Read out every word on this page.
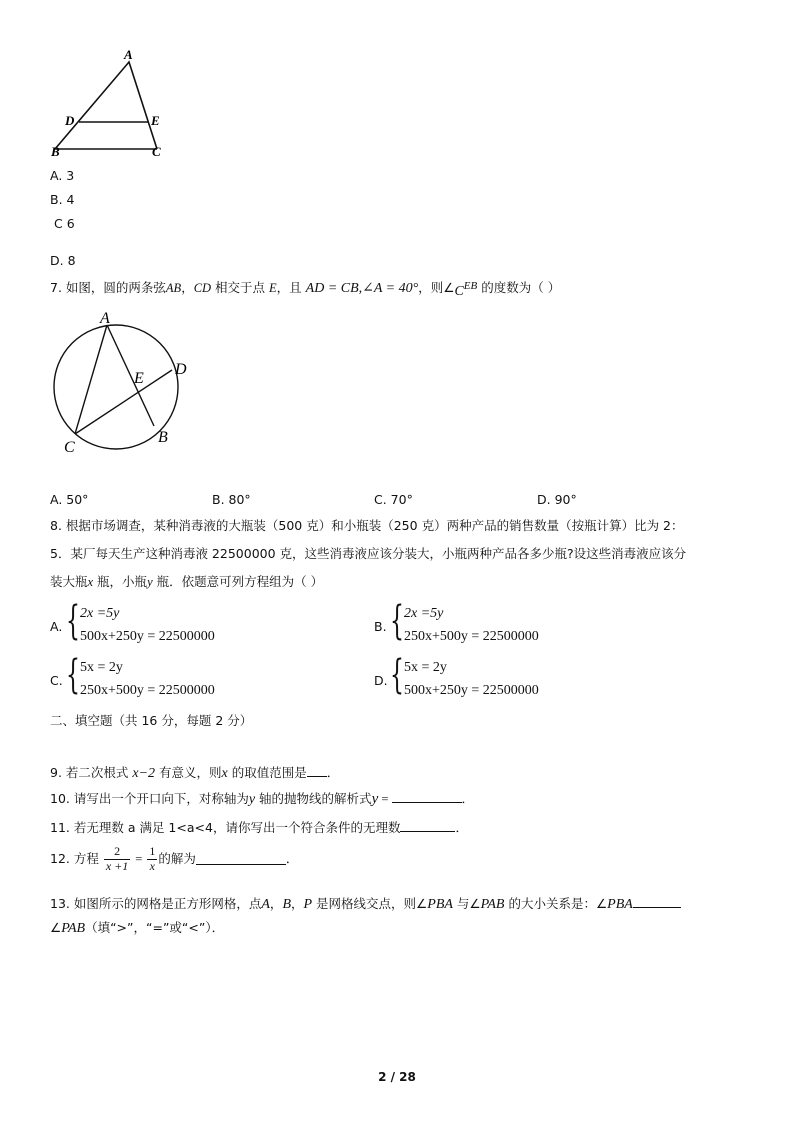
A
D	E
B	C
A. 3
B. 4
C 6
D. 8
7. 如图，圆的两条弦AB，CD 相交于点 E，且 AD = CB,∠A = 40°，则∠CEB 的度数为（ ）
A
E
D
C
B
A. 50°	B. 80°	C. 70°	D. 90°
8. 根据市场调查，某种消毒液的大瓶装（500 克）和小瓶装（250 克）两种产品的销售数量（按瓶计算）比为 2：
5．某厂每天生产这种消毒液 22500000 克，这些消毒液应该分装大，小瓶两种产品各多少瓶?设这些消毒液应该分
装大瓶x 瓶，小瓶y 瓶．依题意可列方程组为（ ）
A. { 2x =5y
500x+250y = 22500000
B. { 2x =5y
250x+500y = 22500000
C. { 5x = 2y
250x+500y = 22500000
D. { 5x = 2y
500x+250y = 22500000
二、填空题（共 16 分，每题 2 分）
9. 若二次根式 x−2 有意义，则x 的取值范围是 ．
10. 请写出一个开口向下，对称轴为y 轴的抛物线的解析式y =	．
11. 若无理数 a 满足 1<a<4，请你写出一个符合条件的无理数	．
12. 方程 $\frac{2}{x +1} = \frac{1}{x}$ 的解为	．
13. 如图所示的网格是正方形网格，点A，B，P 是网格线交点，则∠PBA 与∠PAB 的大小关系是：∠PBA
∠PAB（填“>”，“=”或“<”）．
2 / 28
